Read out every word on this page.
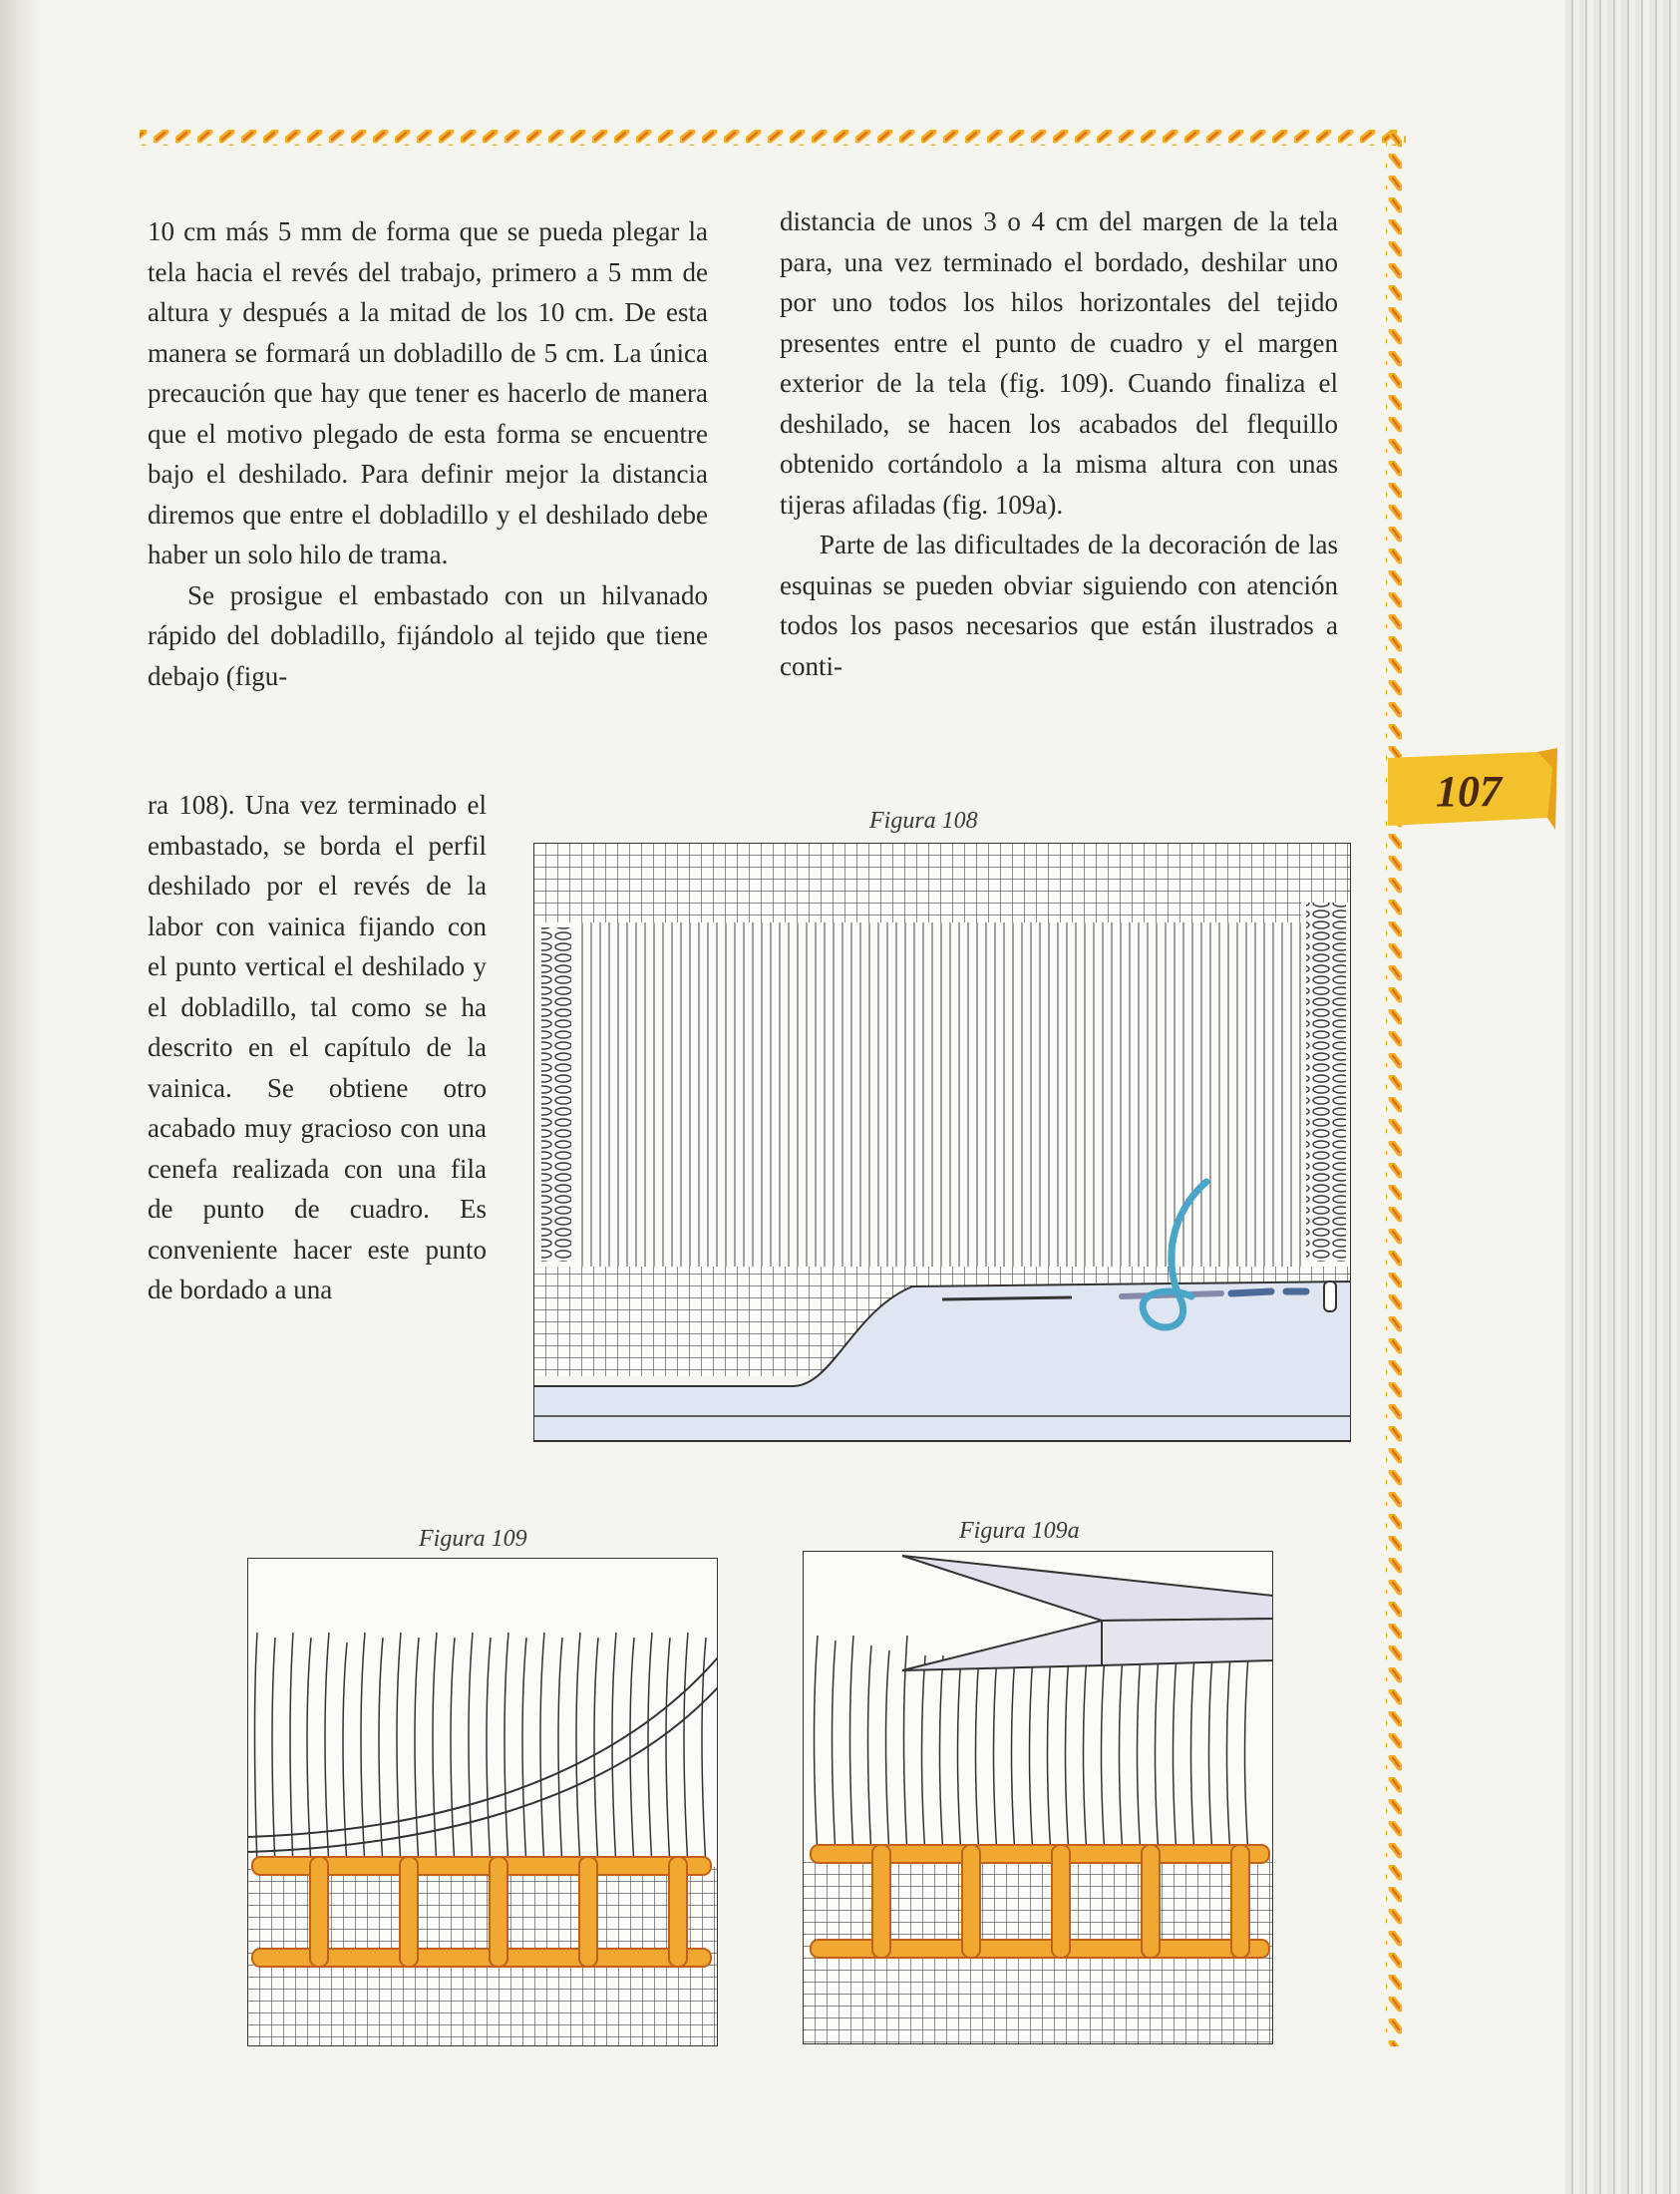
107

10 cm más 5 mm de forma que se pueda plegar la tela hacia el revés del trabajo, primero a 5 mm de altura y después a la mitad de los 10 cm. De esta manera se formará un dobladillo de 5 cm. La única precaución que hay que tener es hacerlo de manera que el motivo plegado de esta forma se encuentre bajo el deshilado. Para definir mejor la distancia diremos que entre el dobladillo y el deshilado debe haber un solo hilo de trama.

Se prosigue el embastado con un hilvanado rápido del dobladillo, fijándolo al tejido que tiene debajo (figu-

ra 108). Una vez terminado el embastado, se borda el perfil deshilado por el revés de la labor con vainica fijando con el punto vertical el deshilado y el dobladillo, tal como se ha descrito en el capítulo de la vainica. Se obtiene otro acabado muy gracioso con una cenefa realizada con una fila de punto de cuadro. Es conveniente hacer este punto de bordado a una

distancia de unos 3 o 4 cm del margen de la tela para, una vez terminado el bordado, deshilar uno por uno todos los hilos horizontales del tejido presentes entre el punto de cuadro y el margen exterior de la tela (fig. 109). Cuando finaliza el deshilado, se hacen los acabados del flequillo obtenido cortándolo a la misma altura con unas tijeras afiladas (fig. 109a).

Parte de las dificultades de la decoración de las esquinas se pueden obviar siguiendo con atención todos los pasos necesarios que están ilustrados a conti-

Figura 108
Figura 109	Figura 109a
